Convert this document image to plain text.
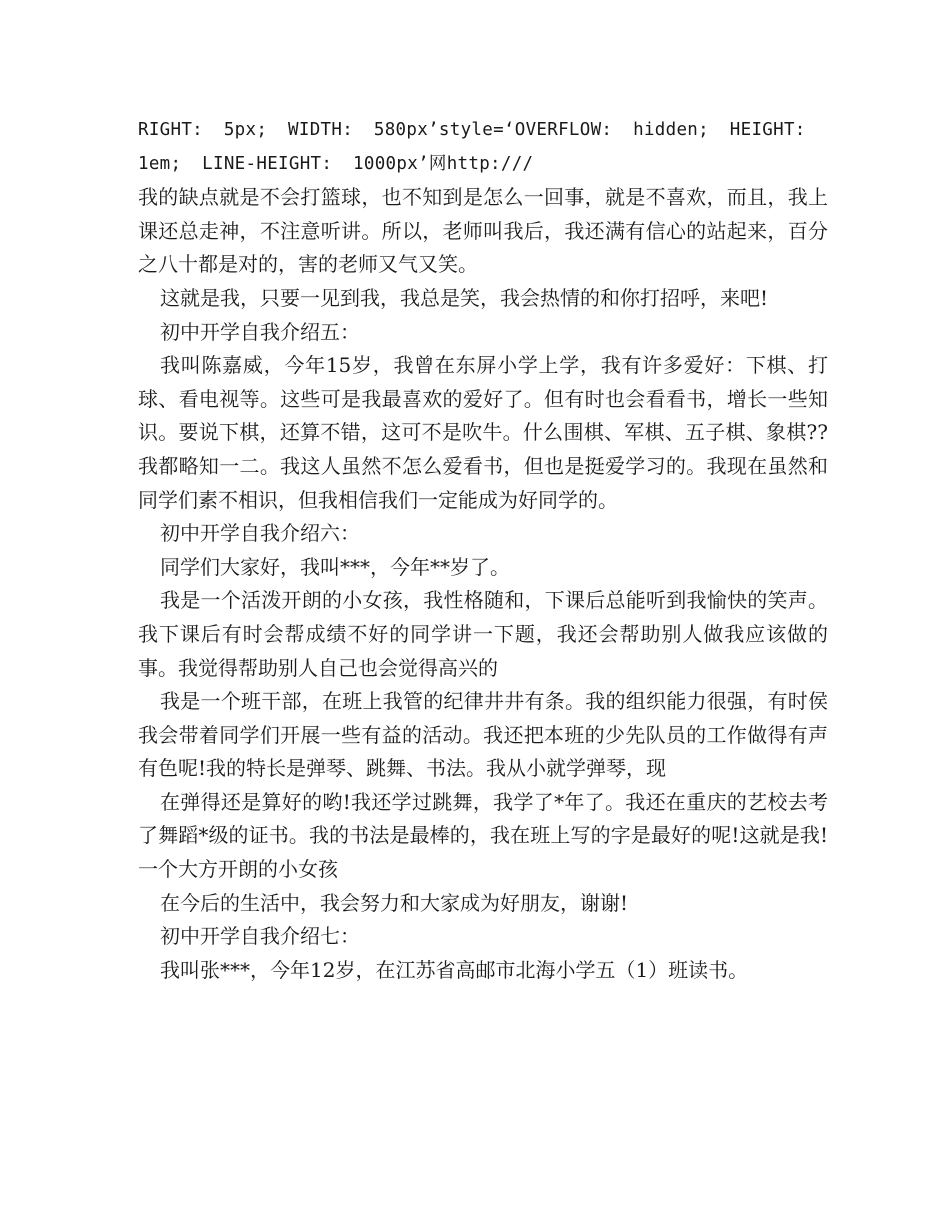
RIGHT: 5px; WIDTH: 580px’style=‘OVERFLOW: hidden; HEIGHT: 1em; LINE-HEIGHT: 1000px’网http:///

我的缺点就是不会打篮球，也不知到是怎么一回事，就是不喜欢，而且，我上课还总走神，不注意听讲。所以，老师叫我后，我还满有信心的站起来，百分之八十都是对的，害的老师又气又笑。

这就是我，只要一见到我，我总是笑，我会热情的和你打招呼，来吧!

初中开学自我介绍五：

我叫陈嘉威，今年15岁，我曾在东屏小学上学，我有许多爱好：下棋、打球、看电视等。这些可是我最喜欢的爱好了。但有时也会看看书，增长一些知识。要说下棋，还算不错，这可不是吹牛。什么围棋、军棋、五子棋、象棋??我都略知一二。我这人虽然不怎么爱看书，但也是挺爱学习的。我现在虽然和同学们素不相识，但我相信我们一定能成为好同学的。

初中开学自我介绍六：

同学们大家好，我叫***，今年**岁了。

我是一个活泼开朗的小女孩，我性格随和，下课后总能听到我愉快的笑声。我下课后有时会帮成绩不好的同学讲一下题，我还会帮助别人做我应该做的事。我觉得帮助别人自己也会觉得高兴的

我是一个班干部，在班上我管的纪律井井有条。我的组织能力很强，有时侯我会带着同学们开展一些有益的活动。我还把本班的少先队员的工作做得有声有色呢!我的特长是弹琴、跳舞、书法。我从小就学弹琴，现

在弹得还是算好的哟!我还学过跳舞，我学了*年了。我还在重庆的艺校去考了舞蹈*级的证书。我的书法是最棒的，我在班上写的字是最好的呢!这就是我!一个大方开朗的小女孩

在今后的生活中，我会努力和大家成为好朋友，谢谢!

初中开学自我介绍七：

我叫张***，今年12岁，在江苏省高邮市北海小学五（1）班读书。
